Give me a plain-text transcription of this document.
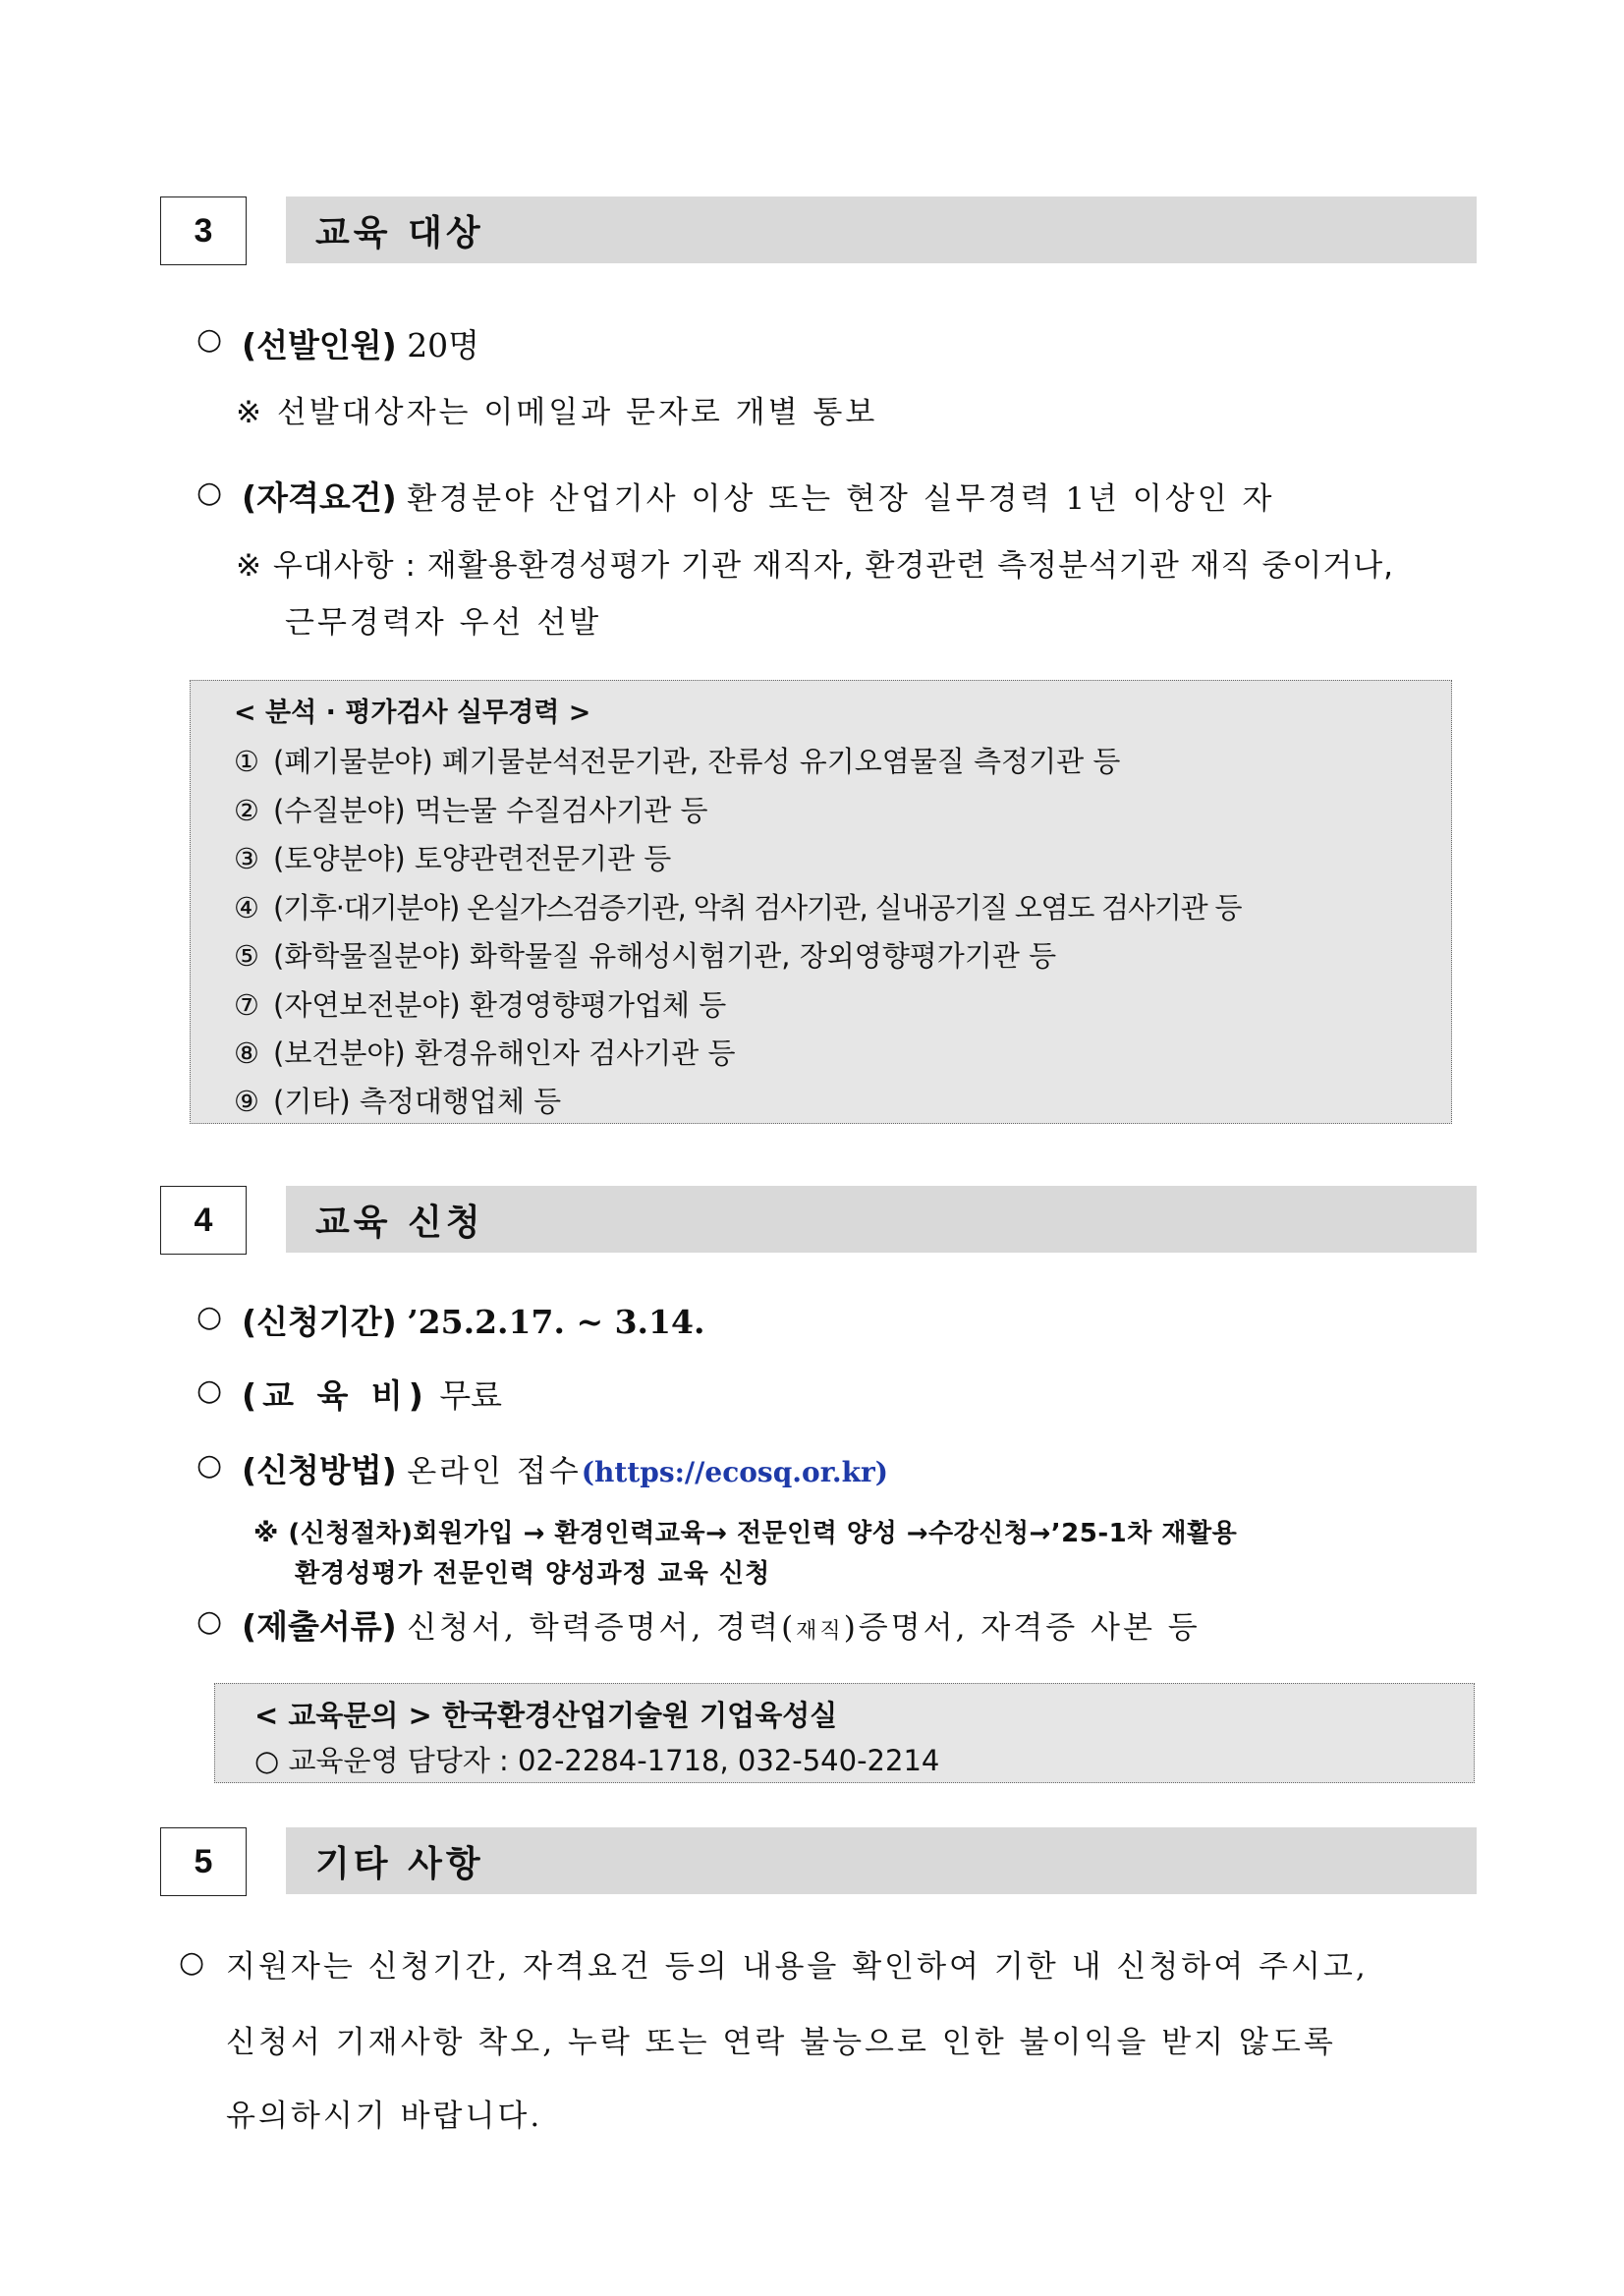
3	교육 대상
○ (선발인원) 20명
※ 선발대상자는 이메일과 문자로 개별 통보
○ (자격요건) 환경분야 산업기사 이상 또는 현장 실무경력 1년 이상인 자
※ 우대사항 : 재활용환경성평가 기관 재직자, 환경관련 측정분석기관 재직 중이거나,
근무경력자 우선 선발
< 분석 · 평가검사 실무경력 >
① (폐기물분야) 폐기물분석전문기관, 잔류성 유기오염물질 측정기관 등
② (수질분야) 먹는물 수질검사기관 등
③ (토양분야) 토양관련전문기관 등
④ (기후·대기분야) 온실가스검증기관, 악취 검사기관, 실내공기질 오염도 검사기관 등
⑤ (화학물질분야) 화학물질 유해성시험기관, 장외영향평가기관 등
⑦ (자연보전분야) 환경영향평가업체 등
⑧ (보건분야) 환경유해인자 검사기관 등
⑨ (기타) 측정대행업체 등
4	교육 신청
○ (신청기간) ’25.2.17. ~ 3.14.
○ (교 육 비) 무료
○ (신청방법) 온라인 접수(https://ecosq.or.kr)
※ (신청절차)회원가입 → 환경인력교육→ 전문인력 양성 →수강신청→’25-1차 재활용
환경성평가 전문인력 양성과정 교육 신청
○ (제출서류) 신청서, 학력증명서, 경력(재직)증명서, 자격증 사본 등
< 교육문의 > 한국환경산업기술원 기업육성실
○ 교육운영 담당자 : 02-2284-1718, 032-540-2214
5	기타 사항
○ 지원자는 신청기간, 자격요건 등의 내용을 확인하여 기한 내 신청하여 주시고,
신청서 기재사항 착오, 누락 또는 연락 불능으로 인한 불이익을 받지 않도록
유의하시기 바랍니다.
